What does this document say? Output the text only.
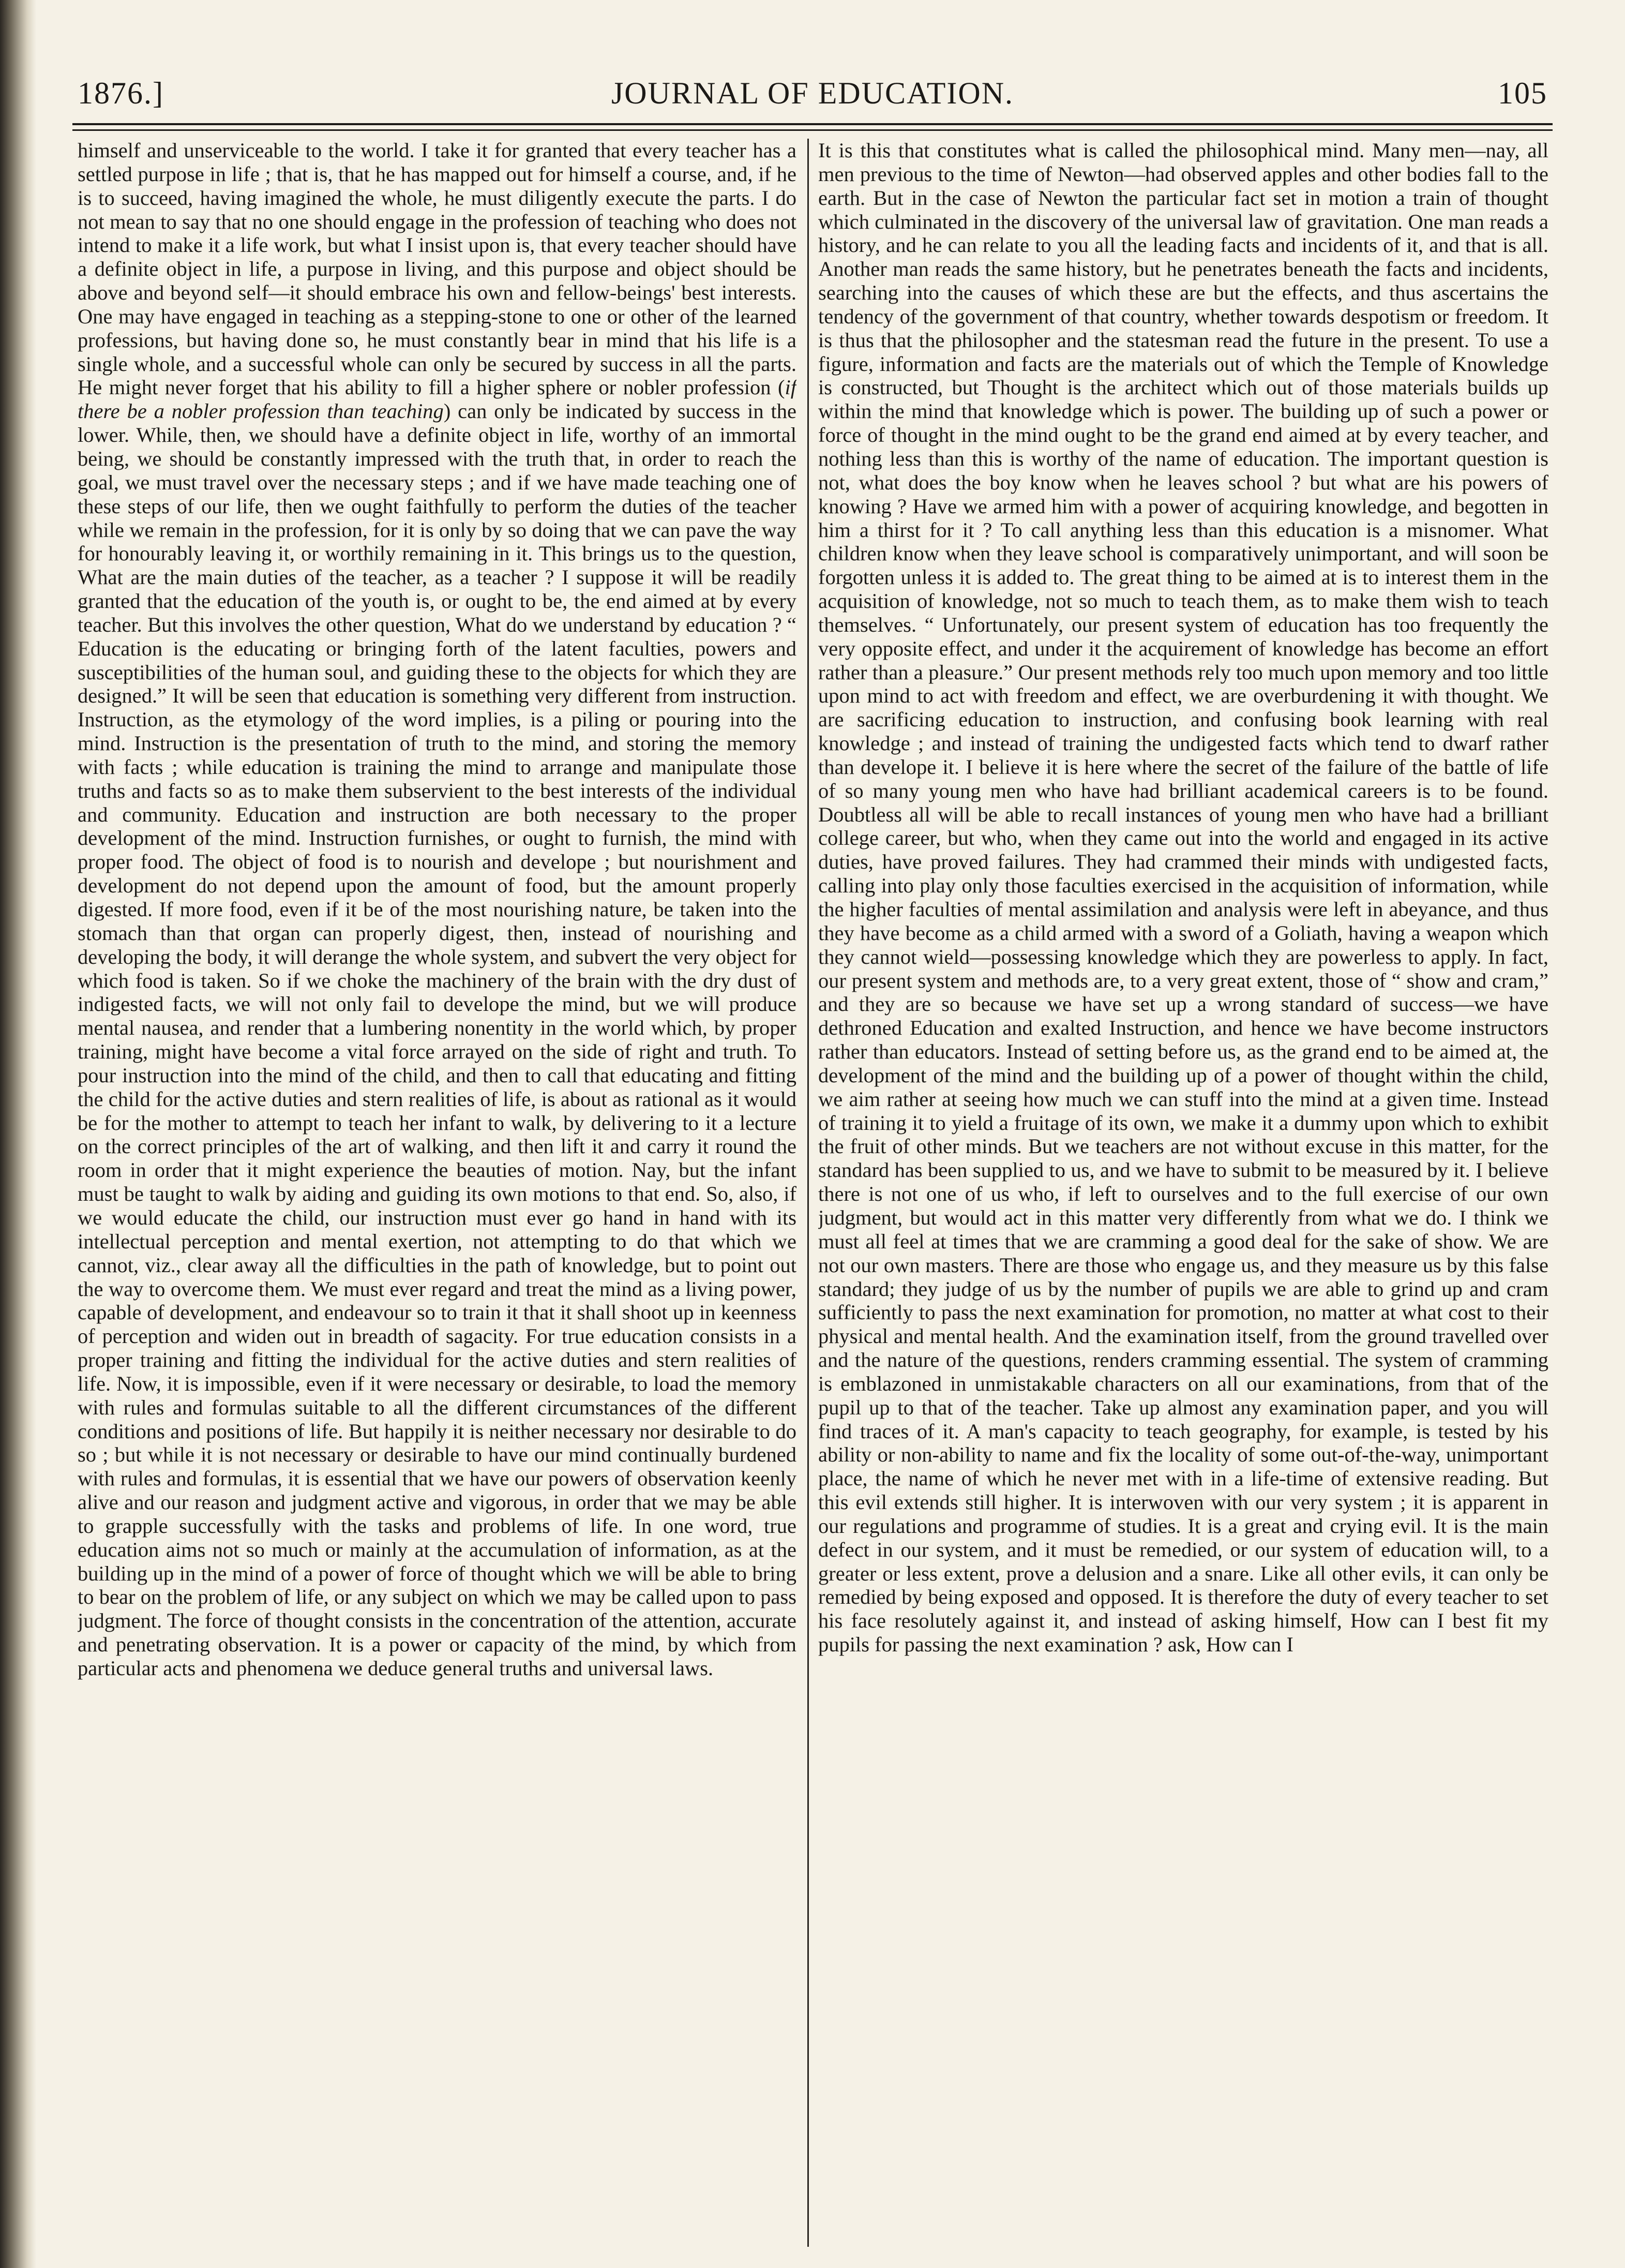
1876.]	JOURNAL OF EDUCATION.	105

himself and unserviceable to the world. I take it for granted that every teacher has a settled purpose in life ; that is, that he has mapped out for himself a course, and, if he is to succeed, having imagined the whole, he must diligently execute the parts. I do not mean to say that no one should engage in the profession of teaching who does not intend to make it a life work, but what I insist upon is, that every teacher should have a definite object in life, a purpose in living, and this purpose and object should be above and beyond self—it should embrace his own and fellow-beings' best interests. One may have engaged in teaching as a stepping-stone to one or other of the learned professions, but having done so, he must constantly bear in mind that his life is a single whole, and a successful whole can only be secured by success in all the parts. He might never forget that his ability to fill a higher sphere or nobler profession (if there be a nobler profession than teaching) can only be indicated by success in the lower. While, then, we should have a definite object in life, worthy of an immortal being, we should be constantly impressed with the truth that, in order to reach the goal, we must travel over the necessary steps ; and if we have made teaching one of these steps of our life, then we ought faithfully to perform the duties of the teacher while we remain in the profession, for it is only by so doing that we can pave the way for honourably leaving it, or worthily remaining in it. This brings us to the question, What are the main duties of the teacher, as a teacher ? I suppose it will be readily granted that the education of the youth is, or ought to be, the end aimed at by every teacher. But this involves the other question, What do we understand by education ? “ Education is the educating or bringing forth of the latent faculties, powers and susceptibilities of the human soul, and guiding these to the objects for which they are designed.” It will be seen that education is something very different from instruction. Instruction, as the etymology of the word implies, is a piling or pouring into the mind. Instruction is the presentation of truth to the mind, and storing the memory with facts ; while education is training the mind to arrange and manipulate those truths and facts so as to make them subservient to the best interests of the individual and community. Education and instruction are both necessary to the proper development of the mind. Instruction furnishes, or ought to furnish, the mind with proper food. The object of food is to nourish and develope ; but nourishment and development do not depend upon the amount of food, but the amount properly digested. If more food, even if it be of the most nourishing nature, be taken into the stomach than that organ can properly digest, then, instead of nourishing and developing the body, it will derange the whole system, and subvert the very object for which food is taken. So if we choke the machinery of the brain with the dry dust of indigested facts, we will not only fail to develope the mind, but we will produce mental nausea, and render that a lumbering nonentity in the world which, by proper training, might have become a vital force arrayed on the side of right and truth. To pour instruction into the mind of the child, and then to call that educating and fitting the child for the active duties and stern realities of life, is about as rational as it would be for the mother to attempt to teach her infant to walk, by delivering to it a lecture on the correct principles of the art of walking, and then lift it and carry it round the room in order that it might experience the beauties of motion. Nay, but the infant must be taught to walk by aiding and guiding its own motions to that end. So, also, if we would educate the child, our instruction must ever go hand in hand with its intellectual perception and mental exertion, not attempting to do that which we cannot, viz., clear away all the difficulties in the path of knowledge, but to point out the way to overcome them. We must ever regard and treat the mind as a living power, capable of development, and endeavour so to train it that it shall shoot up in keenness of perception and widen out in breadth of sagacity. For true education consists in a proper training and fitting the individual for the active duties and stern realities of life. Now, it is impossible, even if it were necessary or desirable, to load the memory with rules and formulas suitable to all the different circumstances of the different conditions and positions of life. But happily it is neither necessary nor desirable to do so ; but while it is not necessary or desirable to have our mind continually burdened with rules and formulas, it is essential that we have our powers of observation keenly alive and our reason and judgment active and vigorous, in order that we may be able to grapple successfully with the tasks and problems of life. In one word, true education aims not so much or mainly at the accumulation of information, as at the building up in the mind of a power of force of thought which we will be able to bring to bear on the problem of life, or any subject on which we may be called upon to pass judgment. The force of thought consists in the concentration of the attention, accurate and penetrating observation. It is a power or capacity of the mind, by which from particular acts and phenomena we deduce general truths and universal laws.

It is this that constitutes what is called the philosophical mind. Many men—nay, all men previous to the time of Newton—had observed apples and other bodies fall to the earth. But in the case of Newton the particular fact set in motion a train of thought which culminated in the discovery of the universal law of gravitation. One man reads a history, and he can relate to you all the leading facts and incidents of it, and that is all. Another man reads the same history, but he penetrates beneath the facts and incidents, searching into the causes of which these are but the effects, and thus ascertains the tendency of the government of that country, whether towards despotism or freedom. It is thus that the philosopher and the statesman read the future in the present. To use a figure, information and facts are the materials out of which the Temple of Knowledge is constructed, but Thought is the architect which out of those materials builds up within the mind that knowledge which is power. The building up of such a power or force of thought in the mind ought to be the grand end aimed at by every teacher, and nothing less than this is worthy of the name of education. The important question is not, what does the boy know when he leaves school ? but what are his powers of knowing ? Have we armed him with a power of acquiring knowledge, and begotten in him a thirst for it ? To call anything less than this education is a misnomer. What children know when they leave school is comparatively unimportant, and will soon be forgotten unless it is added to. The great thing to be aimed at is to interest them in the acquisition of knowledge, not so much to teach them, as to make them wish to teach themselves. “ Unfortunately, our present system of education has too frequently the very opposite effect, and under it the acquirement of knowledge has become an effort rather than a pleasure.” Our present methods rely too much upon memory and too little upon mind to act with freedom and effect, we are overburdening it with thought. We are sacrificing education to instruction, and confusing book learning with real knowledge ; and instead of training the undigested facts which tend to dwarf rather than develope it. I believe it is here where the secret of the failure of the battle of life of so many young men who have had brilliant academical careers is to be found. Doubtless all will be able to recall instances of young men who have had a brilliant college career, but who, when they came out into the world and engaged in its active duties, have proved failures. They had crammed their minds with undigested facts, calling into play only those faculties exercised in the acquisition of information, while the higher faculties of mental assimilation and analysis were left in abeyance, and thus they have become as a child armed with a sword of a Goliath, having a weapon which they cannot wield—possessing knowledge which they are powerless to apply. In fact, our present system and methods are, to a very great extent, those of “ show and cram,” and they are so because we have set up a wrong standard of success—we have dethroned Education and exalted Instruction, and hence we have become instructors rather than educators. Instead of setting before us, as the grand end to be aimed at, the development of the mind and the building up of a power of thought within the child, we aim rather at seeing how much we can stuff into the mind at a given time. Instead of training it to yield a fruitage of its own, we make it a dummy upon which to exhibit the fruit of other minds. But we teachers are not without excuse in this matter, for the standard has been supplied to us, and we have to submit to be measured by it. I believe there is not one of us who, if left to ourselves and to the full exercise of our own judgment, but would act in this matter very differently from what we do. I think we must all feel at times that we are cramming a good deal for the sake of show. We are not our own masters. There are those who engage us, and they measure us by this false standard; they judge of us by the number of pupils we are able to grind up and cram sufficiently to pass the next examination for promotion, no matter at what cost to their physical and mental health. And the examination itself, from the ground travelled over and the nature of the questions, renders cramming essential. The system of cramming is emblazoned in unmistakable characters on all our examinations, from that of the pupil up to that of the teacher. Take up almost any examination paper, and you will find traces of it. A man's capacity to teach geography, for example, is tested by his ability or non-ability to name and fix the locality of some out-of-the-way, unimportant place, the name of which he never met with in a life-time of extensive reading. But this evil extends still higher. It is interwoven with our very system ; it is apparent in our regulations and programme of studies. It is a great and crying evil. It is the main defect in our system, and it must be remedied, or our system of education will, to a greater or less extent, prove a delusion and a snare. Like all other evils, it can only be remedied by being exposed and opposed. It is therefore the duty of every teacher to set his face resolutely against it, and instead of asking himself, How can I best fit my pupils for passing the next examination ? ask, How can I
